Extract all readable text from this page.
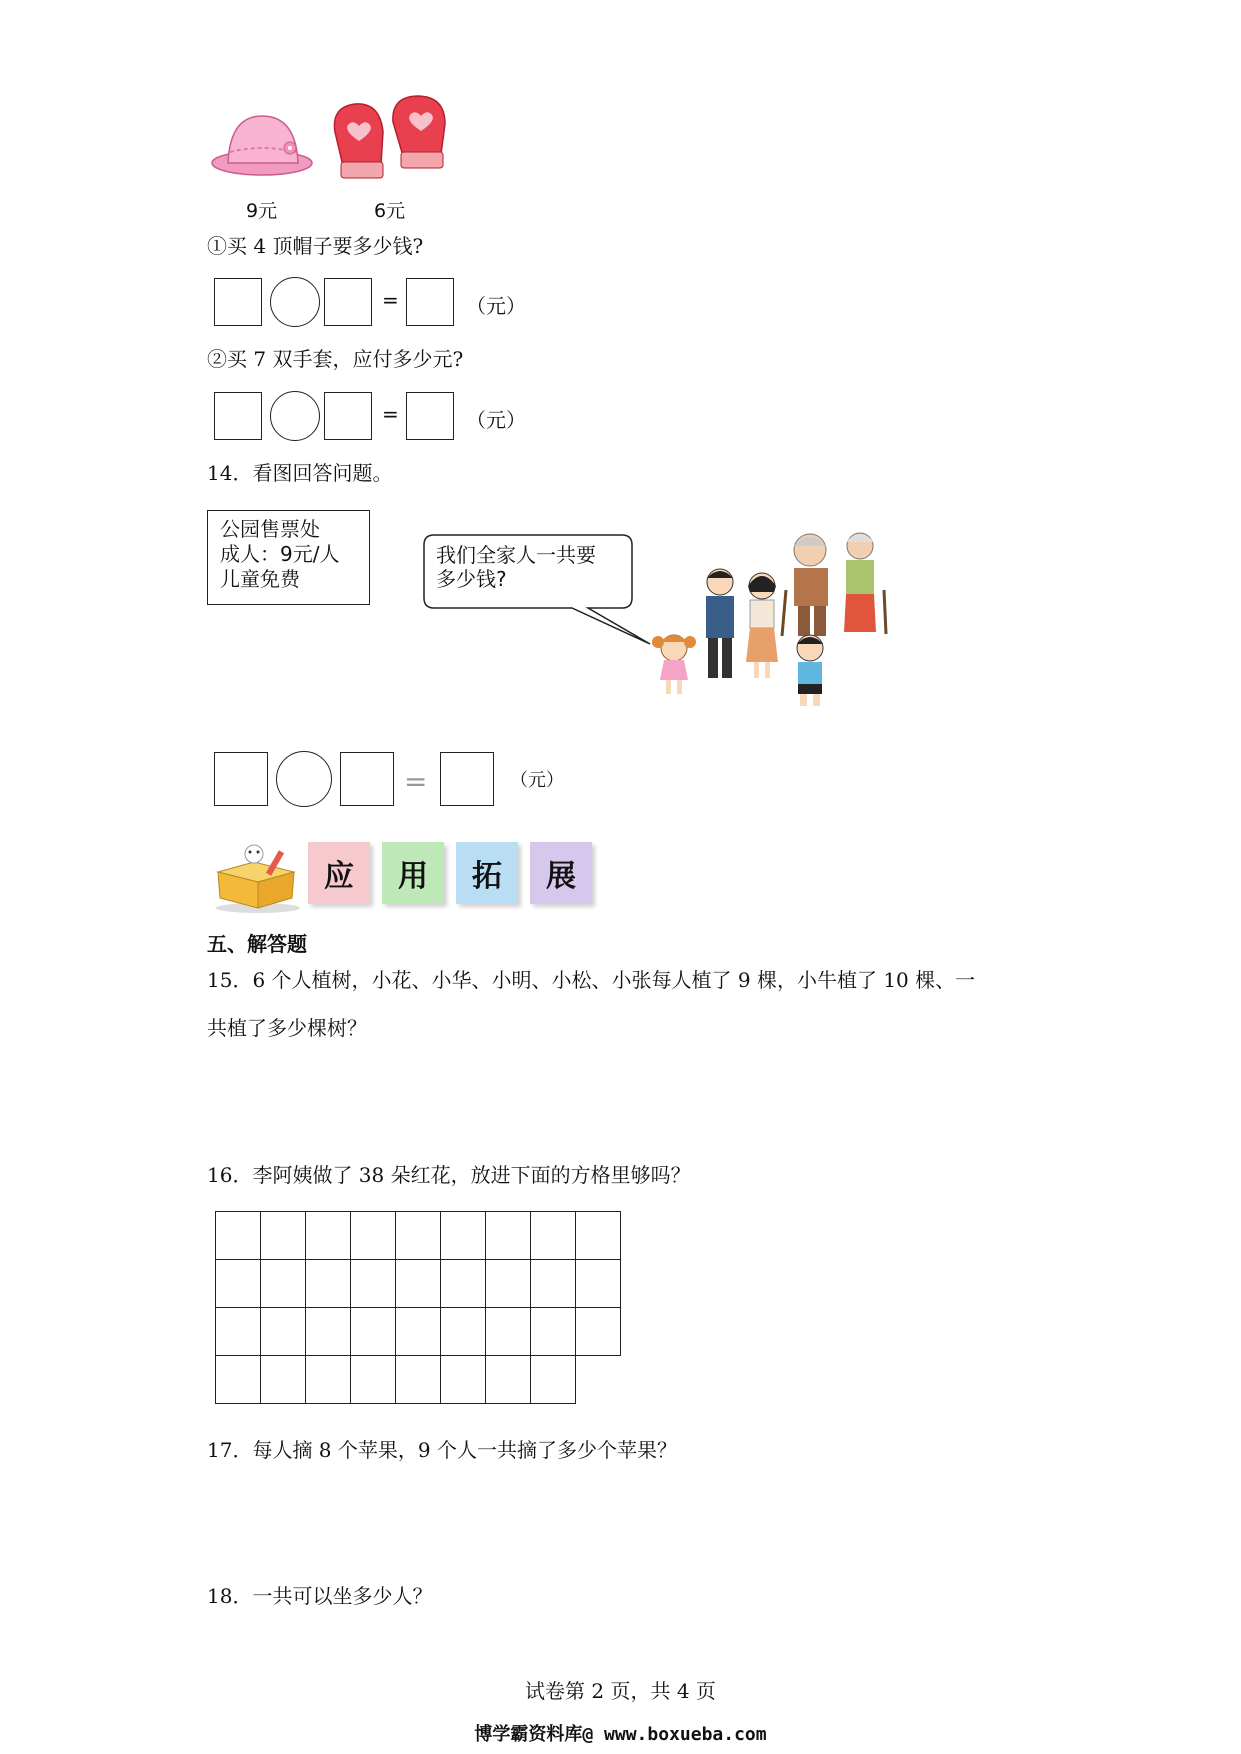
9元	6元
①买 4 顶帽子要多少钱?
=	（元）
②买 7 双手套，应付多少元?
=	（元）
14．看图回答问题。
公园售票处
成人：9元/人
儿童免费
我们全家人一共要
多少钱?
=	（元）
应	用	拓	展
五、解答题
15．6 个人植树，小花、小华、小明、小松、小张每人植了 9 棵，小牛植了 10 棵、一
共植了多少棵树？
16．李阿姨做了 38 朵红花，放进下面的方格里够吗？

17．每人摘 8 个苹果，9 个人一共摘了多少个苹果？
18．一共可以坐多少人？
试卷第 2 页，共 4 页
博学霸资料库@ www.boxueba.com
